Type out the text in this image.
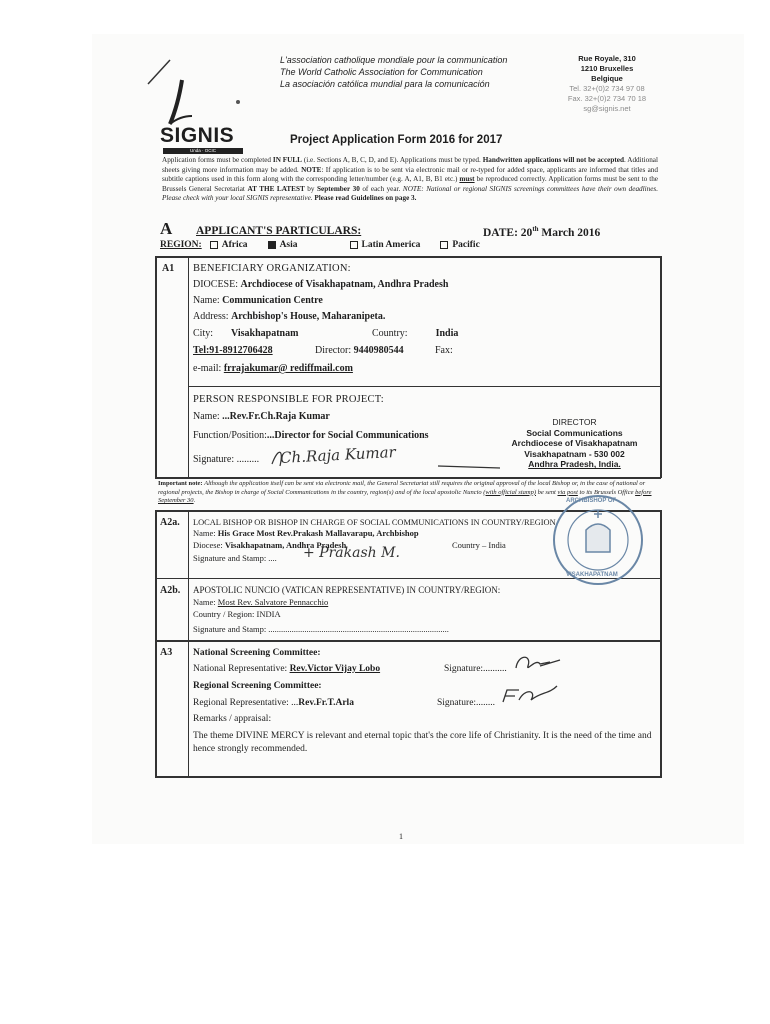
L'association catholique mondiale pour la communication
The World Catholic Association for Communication
La asociación católica mundial para la comunicación
Rue Royale, 310
1210 Bruxelles
Belgique
Tel. 32+(0)2 734 97 08
Fax. 32+(0)2 734 70 18
sg@signis.net
SIGNIS
Unda · OCIC
Project Application Form 2016 for 2017
Application forms must be completed IN FULL (i.e. Sections A, B, C, D, and E). Applications must be typed. Handwritten applications will not be accepted. Additional sheets giving more information may be added. NOTE: If application is to be sent via electronic mail or re-typed for added space, applicants are informed that titles and subtitle captions used in this form along with the corresponding letter/number (e.g. A, A1, B, B1 etc.) must be reproduced correctly. Application forms must be sent to the Brussels General Secretariat AT THE LATEST by September 30 of each year. NOTE: National or regional SIGNIS screenings committees have their own deadlines. Please check with your local SIGNIS representative. Please read Guidelines on page 3.
A APPLICANT'S PARTICULARS:	DATE: 20th March 2016
REGION: Africa	Asia	Latin America	Pacific
A1 BENEFICIARY ORGANIZATION:
DIOCESE: Archdiocese of Visakhapatnam, Andhra Pradesh
Name: Communication Centre
Address: Archbishop's House, Maharanipeta.
City: Visakhapatnam	Country:	India
Tel:91-8912706428	Director: 9440980544	Fax:
e-mail: frrajakumar@ rediffmail.com
PERSON RESPONSIBLE FOR PROJECT:
Name: ...Rev.Fr.Ch.Raja Kumar
Function/Position:...Director for Social Communications
Signature: ......... Ch.Raja Kumar
DIRECTOR
Social Communications
Archdiocese of Visakhapatnam
Visakhapatnam - 530 002
Andhra Pradesh, India.
Important note: Although the application itself can be sent via electronic mail, the General Secretariat still requires the original approval of the local Bishop or, in the case of national or regional projects, the Bishop in charge of Social Communications in the country, region(s) and of the local apostolic Nuncio (with official stamp) be sent via post to its Brussels Office before September 30.
A2a. LOCAL BISHOP OR BISHOP IN CHARGE OF SOCIAL COMMUNICATIONS IN COUNTRY/REGION
Name: His Grace Most Rev.Prakash Mallavarapu, Archbishop
Diocese: Visakhapatnam, Andhra Pradesh	Country – India
Signature and Stamp: .... + Prakash M.
ARCHBISHOP OF
VISAKHAPATNAM
A2b. APOSTOLIC NUNCIO (VATICAN REPRESENTATIVE) IN COUNTRY/REGION:
Name: Most Rev. Salvatore Pennacchio
Country / Region: INDIA
Signature and Stamp: .....................................................................................
A3 National Screening Committee:
National Representative: Rev.Victor Vijay Lobo	Signature:..........
Regional Screening Committee:
Regional Representative: ...Rev.Fr.T.Arla	Signature:........
Remarks / appraisal:
The theme DIVINE MERCY is relevant and eternal topic that's the core life of Christianity. It is the need of the time and hence strongly recommended.
1
